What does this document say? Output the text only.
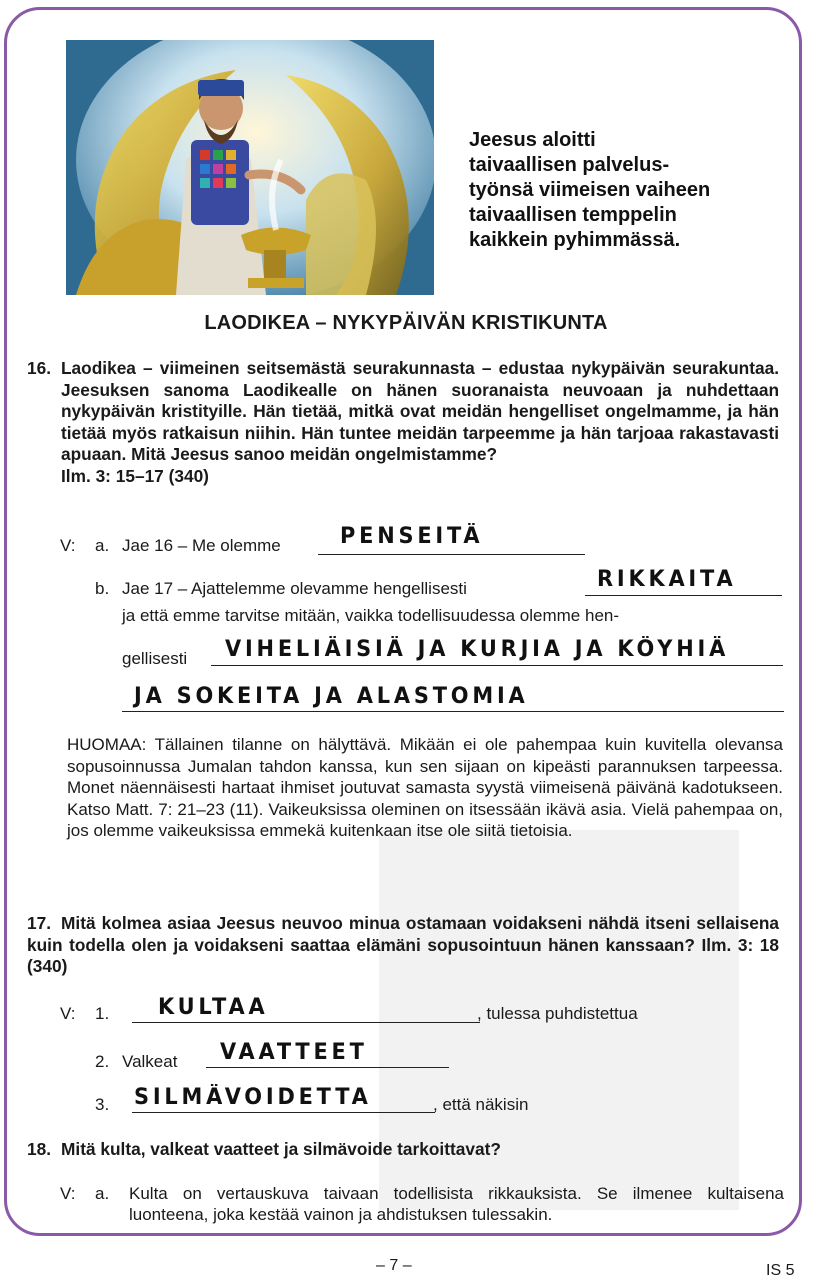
Jeesus aloitti
taivaallisen palvelus-
työnsä viimeisen vaiheen
taivaallisen temppelin
kaikkein pyhimmässä.
LAODIKEA – NYKYPÄIVÄN KRISTIKUNTA
16. Laodikea – viimeinen seitsemästä seurakunnasta – edustaa nykypäivän seurakuntaa. Jeesuksen sanoma Laodikealle on hänen suoranaista neuvoaan ja nuhdettaan nykypäivän kristityille. Hän tietää, mitkä ovat meidän hengelliset ongelmamme, ja hän tietää myös ratkaisun niihin. Hän tuntee meidän tarpeemme ja hän tarjoaa rakastavasti apuaan. Mitä Jeesus sanoo meidän ongelmistamme?
Ilm. 3: 15–17 (340)
V: a. Jae 16 – Me olemme	PENSEITÄ
b. Jae 17 – Ajattelemme olevamme hengellisesti	RIKKAITA
ja että emme tarvitse mitään, vaikka todellisuudessa olemme hen-
gellisesti VIHELIÄISIÄ JA KURJIA JA KÖYHIÄ
JA SOKEITA JA ALASTOMIA
HUOMAA: Tällainen tilanne on hälyttävä. Mikään ei ole pahempaa kuin kuvitella olevansa sopusoinnussa Jumalan tahdon kanssa, kun sen sijaan on kipeästi parannuksen tarpeessa. Monet näennäisesti hartaat ihmiset joutuvat samasta syystä viimeisenä päivänä kadotukseen. Katso Matt. 7: 21–23 (11). Vaikeuksissa oleminen on itsessään ikävä asia. Vielä pahempaa on, jos olemme vaikeuksissa emmekä kuitenkaan itse ole siitä tietoisia.
17. Mitä kolmea asiaa Jeesus neuvoo minua ostamaan voidakseni nähdä itseni sellaisena kuin todella olen ja voidakseni saattaa elämäni sopusointuun hänen kanssaan? Ilm. 3: 18 (340)
V: 1. KULTAA	, tulessa puhdistettua
2. Valkeat VAATTEET
3. SILMÄVOIDETTA	, että näkisin
18. Mitä kulta, valkeat vaatteet ja silmävoide tarkoittavat?
V: a. Kulta on vertauskuva taivaan todellisista rikkauksista. Se ilmenee kultaisena luonteena, joka kestää vainon ja ahdistuksen tulessakin.
– 7 –	IS 5
